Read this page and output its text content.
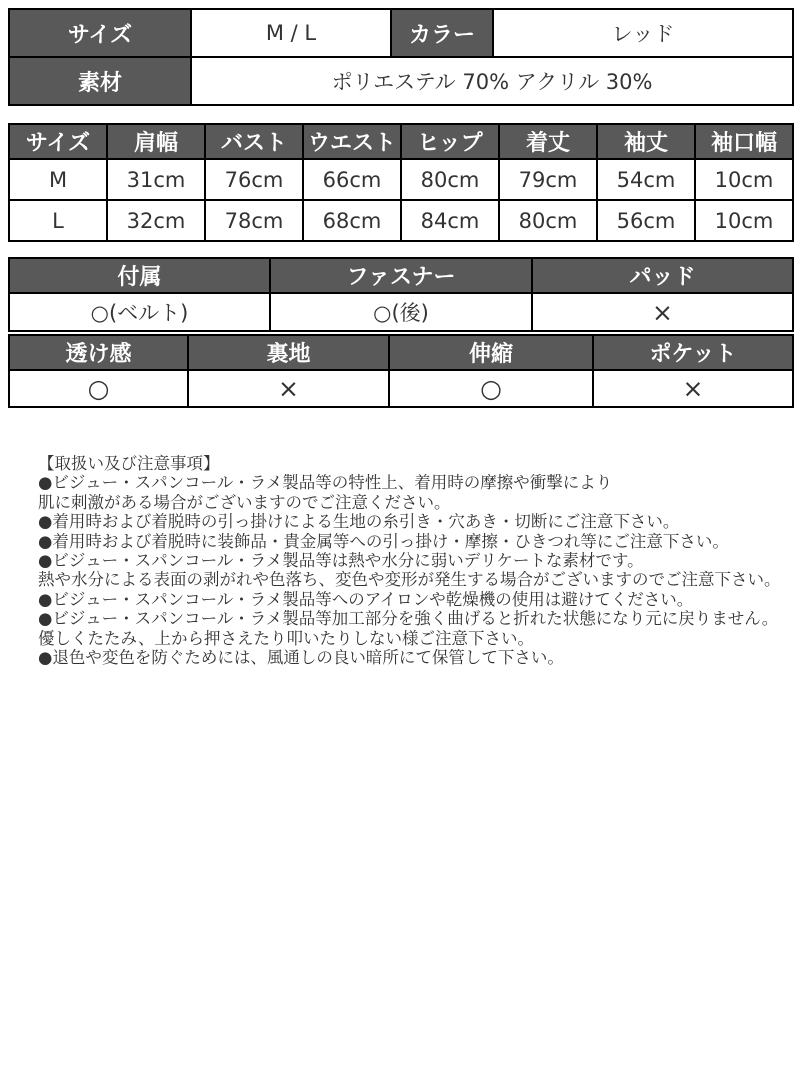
サイズ	M / L	カラー	レッド
素材	ポリエステル 70% アクリル 30%		
サイズ	肩幅	バスト	ウエスト	ヒップ	着丈	袖丈	袖口幅
M	31cm	76cm	66cm	80cm	79cm	54cm	10cm
L	32cm	78cm	68cm	84cm	80cm	56cm	10cm
付属	ファスナー	パッド
○(ベルト)	○(後)	×
透け感	裏地	伸縮	ポケット
○	×	○	×
【取扱い及び注意事項】
●ビジュー・スパンコール・ラメ製品等の特性上、着用時の摩擦や衝撃により
肌に刺激がある場合がございますのでご注意ください。
●着用時および着脱時の引っ掛けによる生地の糸引き・穴あき・切断にご注意下さい。
●着用時および着脱時に装飾品・貴金属等への引っ掛け・摩擦・ひきつれ等にご注意下さい。
●ビジュー・スパンコール・ラメ製品等は熱や水分に弱いデリケートな素材です。
熱や水分による表面の剥がれや色落ち、変色や変形が発生する場合がございますのでご注意下さい。
●ビジュー・スパンコール・ラメ製品等へのアイロンや乾燥機の使用は避けてください。
●ビジュー・スパンコール・ラメ製品等加工部分を強く曲げると折れた状態になり元に戻りません。
優しくたたみ、上から押さえたり叩いたりしない様ご注意下さい。
●退色や変色を防ぐためには、風通しの良い暗所にて保管して下さい。
